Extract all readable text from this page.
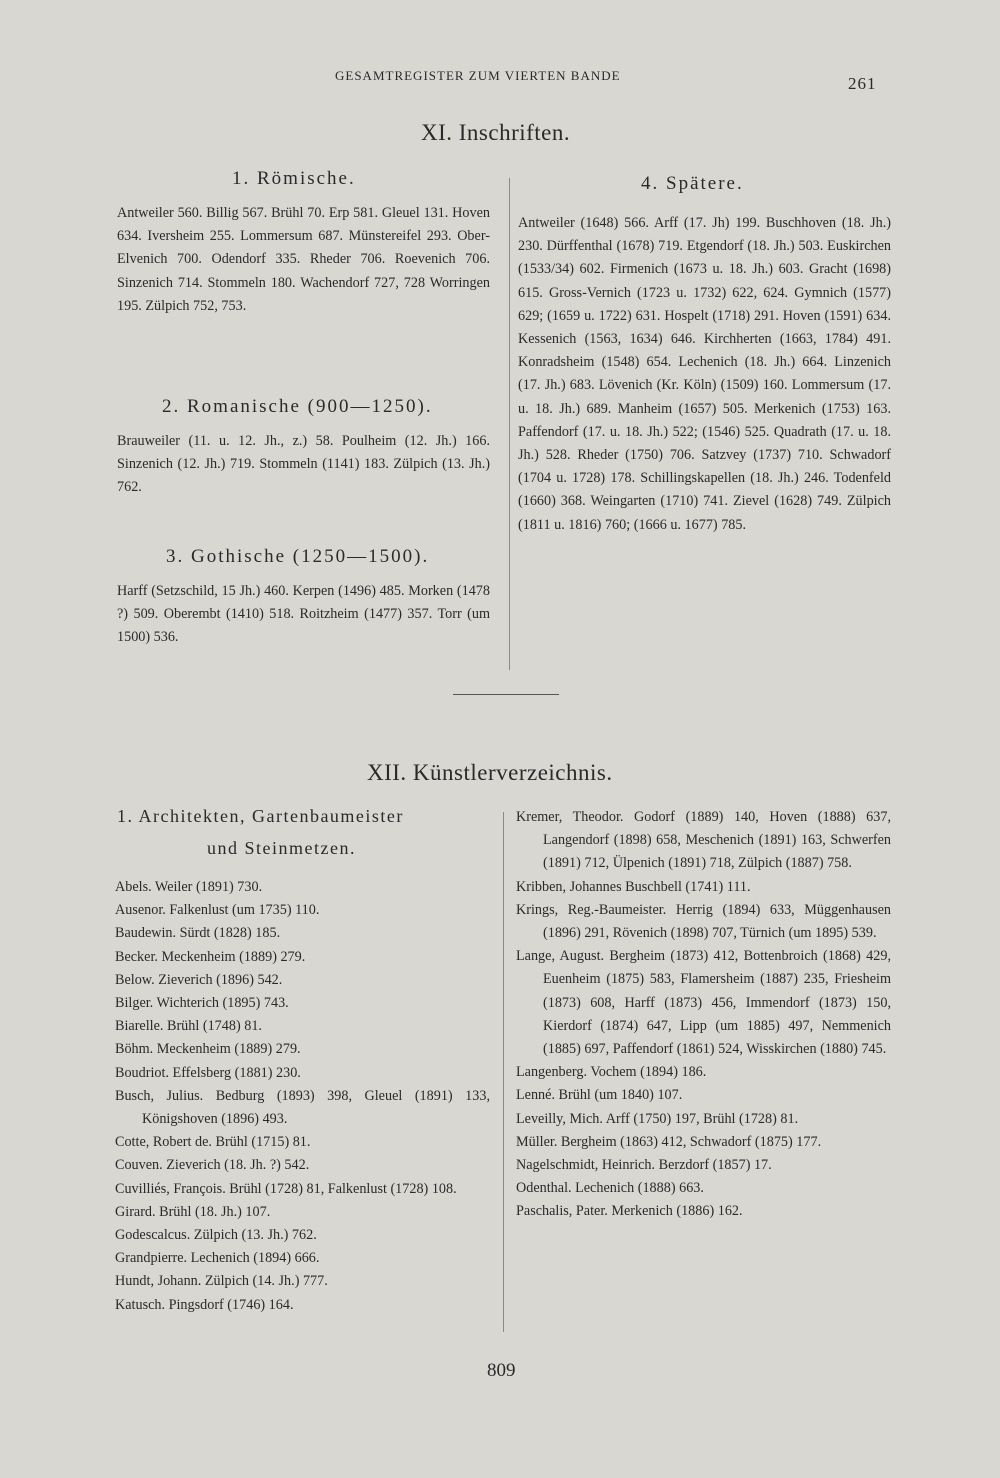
GESAMTREGISTER ZUM VIERTEN BANDE	261
XI. Inschriften.
1. Römische.
Antweiler 560. Billig 567. Brühl 70. Erp 581. Gleuel 131. Hoven 634. Iversheim 255. Lommersum 687. Münstereifel 293. Ober-Elvenich 700. Odendorf 335. Rheder 706. Roevenich 706. Sinzenich 714. Stommeln 180. Wachendorf 727, 728 Worringen 195. Zülpich 752, 753.
2. Romanische (900—1250).
Brauweiler (11. u. 12. Jh., z.) 58. Poulheim (12. Jh.) 166. Sinzenich (12. Jh.) 719. Stommeln (1141) 183. Zülpich (13. Jh.) 762.
3. Gothische (1250—1500).
Harff (Setzschild, 15 Jh.) 460. Kerpen (1496) 485. Morken (1478 ?) 509. Oberembt (1410) 518. Roitzheim (1477) 357. Torr (um 1500) 536.
4. Spätere.
Antweiler (1648) 566. Arff (17. Jh) 199. Buschhoven (18. Jh.) 230. Dürffenthal (1678) 719. Etgendorf (18. Jh.) 503. Euskirchen (1533/34) 602. Firmenich (1673 u. 18. Jh.) 603. Gracht (1698) 615. Gross-Vernich (1723 u. 1732) 622, 624. Gymnich (1577) 629; (1659 u. 1722) 631. Hospelt (1718) 291. Hoven (1591) 634. Kessenich (1563, 1634) 646. Kirchherten (1663, 1784) 491. Konradsheim (1548) 654. Lechenich (18. Jh.) 664. Linzenich (17. Jh.) 683. Lövenich (Kr. Köln) (1509) 160. Lommersum (17. u. 18. Jh.) 689. Manheim (1657) 505. Merkenich (1753) 163. Paffendorf (17. u. 18. Jh.) 522; (1546) 525. Quadrath (17. u. 18. Jh.) 528. Rheder (1750) 706. Satzvey (1737) 710. Schwadorf (1704 u. 1728) 178. Schillingskapellen (18. Jh.) 246. Todenfeld (1660) 368. Weingarten (1710) 741. Zievel (1628) 749. Zülpich (1811 u. 1816) 760; (1666 u. 1677) 785.
XII. Künstlerverzeichnis.
1. Architekten, Gartenbaumeister
und Steinmetzen.
Abels. Weiler (1891) 730.
Ausenor. Falkenlust (um 1735) 110.
Baudewin. Sürdt (1828) 185.
Becker. Meckenheim (1889) 279.
Below. Zieverich (1896) 542.
Bilger. Wichterich (1895) 743.
Biarelle. Brühl (1748) 81.
Böhm. Meckenheim (1889) 279.
Boudriot. Effelsberg (1881) 230.
Busch, Julius. Bedburg (1893) 398, Gleuel (1891) 133, Königshoven (1896) 493.
Cotte, Robert de. Brühl (1715) 81.
Couven. Zieverich (18. Jh. ?) 542.
Cuvilliés, François. Brühl (1728) 81, Falkenlust (1728) 108.
Girard. Brühl (18. Jh.) 107.
Godescalcus. Zülpich (13. Jh.) 762.
Grandpierre. Lechenich (1894) 666.
Hundt, Johann. Zülpich (14. Jh.) 777.
Katusch. Pingsdorf (1746) 164.
Kremer, Theodor. Godorf (1889) 140, Hoven (1888) 637, Langendorf (1898) 658, Meschenich (1891) 163, Schwerfen (1891) 712, Ülpenich (1891) 718, Zülpich (1887) 758.
Kribben, Johannes Buschbell (1741) 111.
Krings, Reg.-Baumeister. Herrig (1894) 633, Müggenhausen (1896) 291, Rövenich (1898) 707, Türnich (um 1895) 539.
Lange, August. Bergheim (1873) 412, Bottenbroich (1868) 429, Euenheim (1875) 583, Flamersheim (1887) 235, Friesheim (1873) 608, Harff (1873) 456, Immendorf (1873) 150, Kierdorf (1874) 647, Lipp (um 1885) 497, Nemmenich (1885) 697, Paffendorf (1861) 524, Wisskirchen (1880) 745.
Langenberg. Vochem (1894) 186.
Lenné. Brühl (um 1840) 107.
Leveilly, Mich. Arff (1750) 197, Brühl (1728) 81.
Müller. Bergheim (1863) 412, Schwadorf (1875) 177.
Nagelschmidt, Heinrich. Berzdorf (1857) 17.
Odenthal. Lechenich (1888) 663.
Paschalis, Pater. Merkenich (1886) 162.
809
